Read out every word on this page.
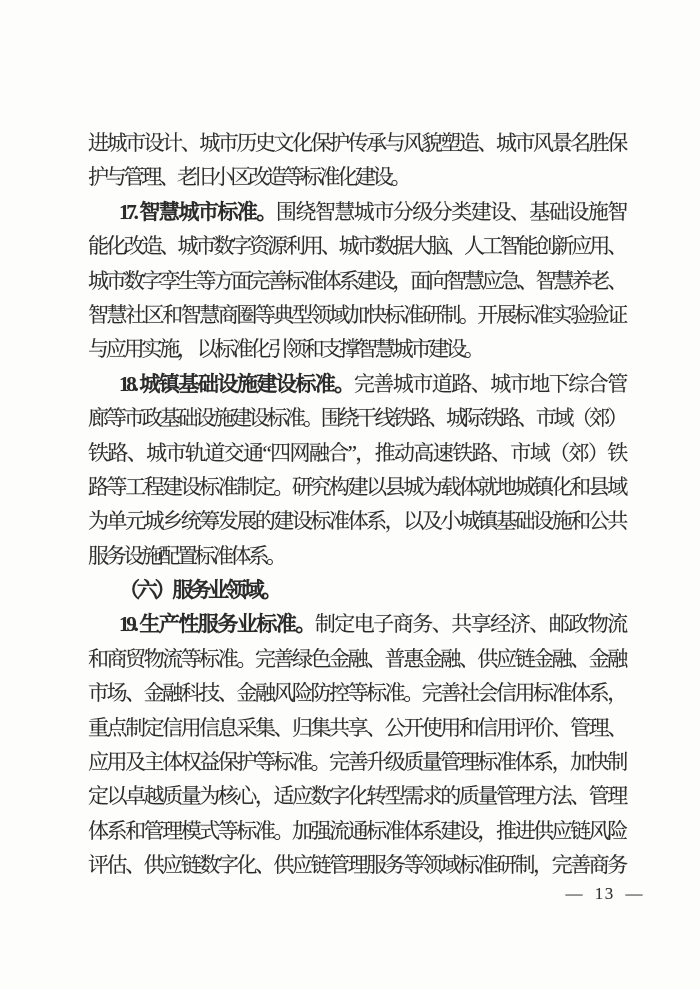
进城市设计、城市历史文化保护传承与风貌塑造、城市风景名胜保
护与管理、老旧小区改造等标准化建设。
17. 智慧城市标准。围绕智慧城市分级分类建设、基础设施智
能化改造、城市数字资源利用、城市数据大脑、人工智能创新应用、
城市数字孪生等方面完善标准体系建设，面向智慧应急、智慧养老、
智慧社区和智慧商圈等典型领域加快标准研制。开展标准实验验证
与应用实施， 以标准化引领和支撑智慧城市建设。
18. 城镇基础设施建设标准。完善城市道路、城市地下综合管
廊等市政基础设施建设标准。围绕干线铁路、城际铁路、市域（郊）
铁路、城市轨道交通“四网融合”，推动高速铁路、市域（郊）铁
路等工程建设标准制定。研究构建以县城为载体就地城镇化和县域
为单元城乡统筹发展的建设标准体系，以及小城镇基础设施和公共
服务设施配置标准体系。
（六）服务业领域。
19. 生产性服务业标准。制定电子商务、共享经济、邮政物流
和商贸物流等标准。完善绿色金融、普惠金融、供应链金融、金融
市场、金融科技、金融风险防控等标准。完善社会信用标准体系，
重点制定信用信息采集、归集共享、公开使用和信用评价、管理、
应用及主体权益保护等标准。完善升级质量管理标准体系，加快制
定以卓越质量为核心，适应数字化转型需求的质量管理方法、管理
体系和管理模式等标准。加强流通标准体系建设，推进供应链风险
评估、供应链数字化、供应链管理服务等领域标准研制，完善商务
— 13 —
